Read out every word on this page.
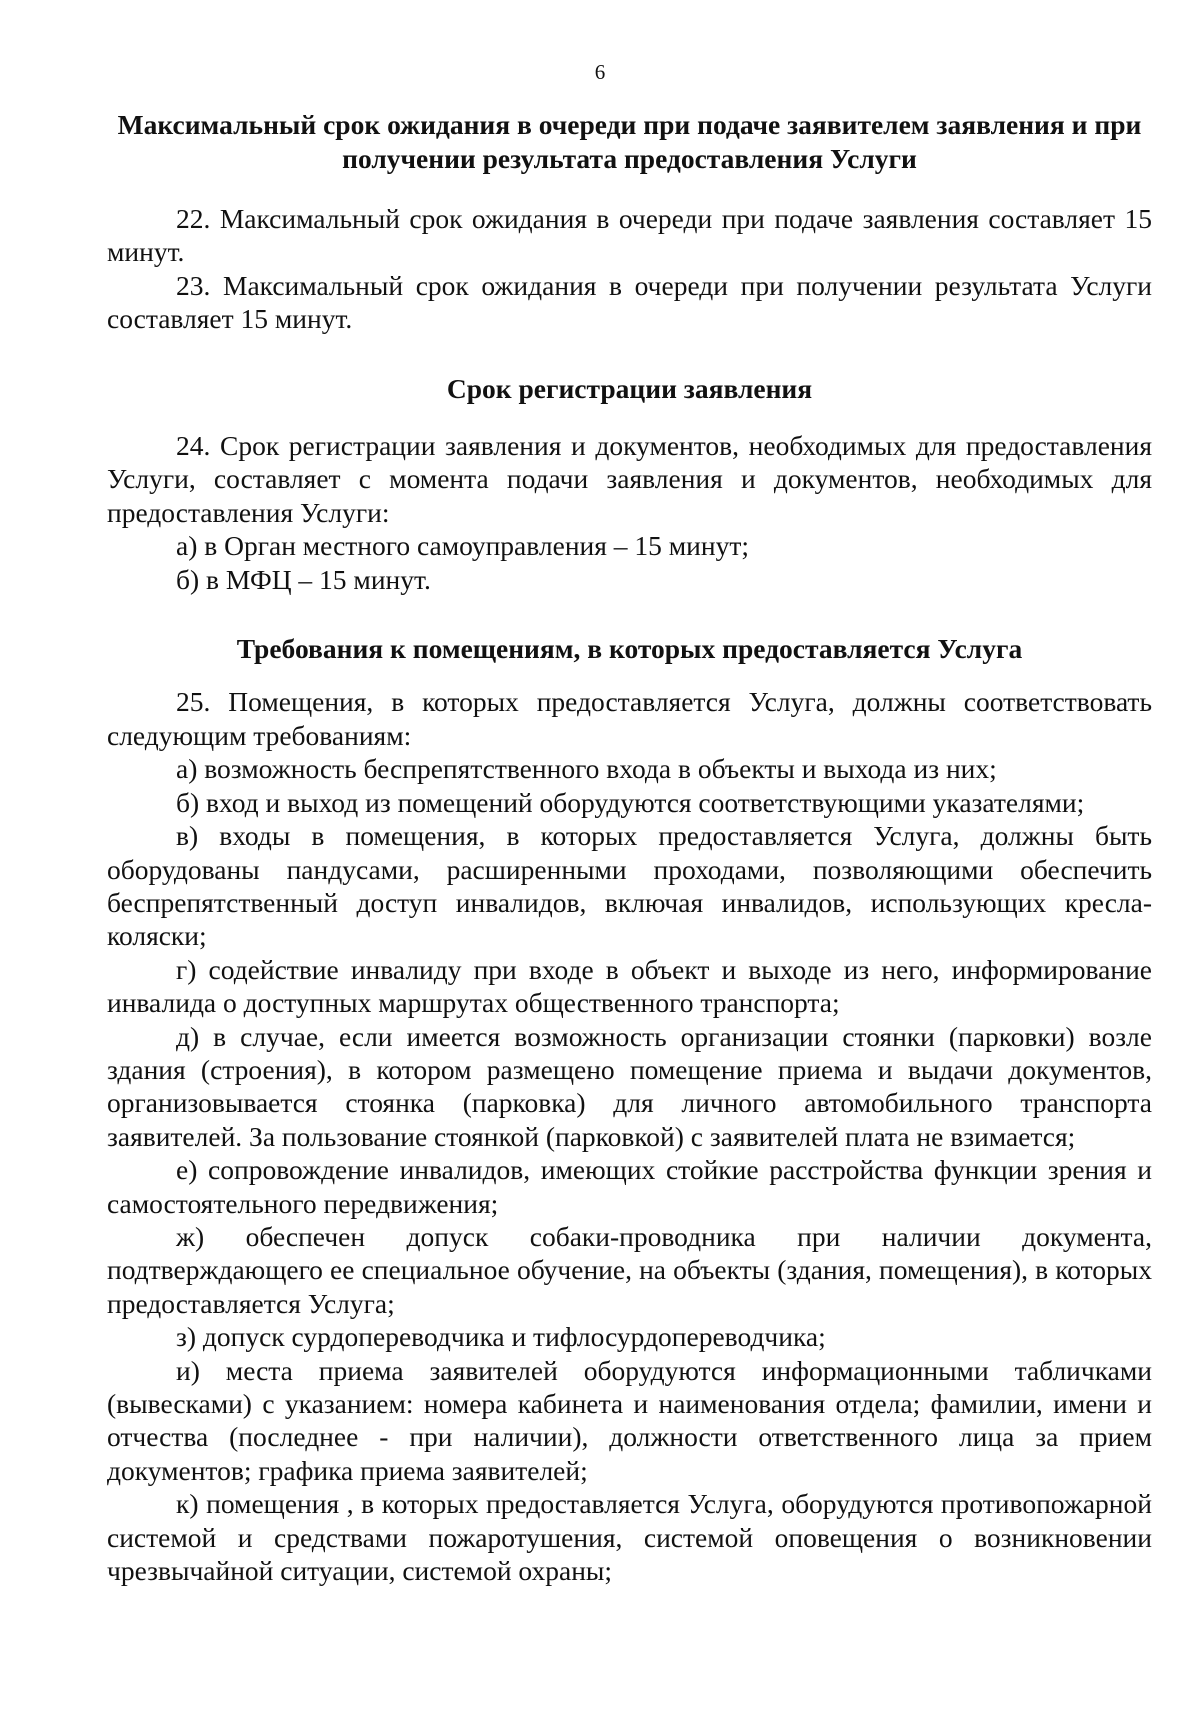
6

Максимальный срок ожидания в очереди при подаче заявителем заявления и при получении результата предоставления Услуги

22. Максимальный срок ожидания в очереди при подаче заявления составляет 15 минут.

23. Максимальный срок ожидания в очереди при получении результата Услуги составляет 15 минут.

Срок регистрации заявления

24. Срок регистрации заявления и документов, необходимых для предоставления Услуги, составляет с момента подачи заявления и документов, необходимых для предоставления Услуги:

а) в Орган местного самоуправления – 15 минут;

б) в МФЦ – 15 минут.

Требования к помещениям, в которых предоставляется Услуга

25. Помещения, в которых предоставляется Услуга, должны соответствовать следующим требованиям:

а) возможность беспрепятственного входа в объекты и выхода из них;

б) вход и выход из помещений оборудуются соответствующими указателями;

в) входы в помещения, в которых предоставляется Услуга, должны быть оборудованы пандусами, расширенными проходами, позволяющими обеспечить беспрепятственный доступ инвалидов, включая инвалидов, использующих кресла-коляски;

г) содействие инвалиду при входе в объект и выходе из него, информирование инвалида о доступных маршрутах общественного транспорта;

д) в случае, если имеется возможность организации стоянки (парковки) возле здания (строения), в котором размещено помещение приема и выдачи документов, организовывается стоянка (парковка) для личного автомобильного транспорта заявителей. За пользование стоянкой (парковкой) с заявителей плата не взимается;

е) сопровождение инвалидов, имеющих стойкие расстройства функции зрения и самостоятельного передвижения;

ж) обеспечен допуск собаки-проводника при наличии документа, подтверждающего ее специальное обучение, на объекты (здания, помещения), в которых предоставляется Услуга;

з) допуск сурдопереводчика и тифлосурдопереводчика;

и) места приема заявителей оборудуются информационными табличками (вывесками) с указанием: номера кабинета и наименования отдела; фамилии, имени и отчества (последнее - при наличии), должности ответственного лица за прием документов; графика приема заявителей;

к) помещения , в которых предоставляется Услуга, оборудуются противопожарной системой и средствами пожаротушения, системой оповещения о возникновении чрезвычайной ситуации, системой охраны;
